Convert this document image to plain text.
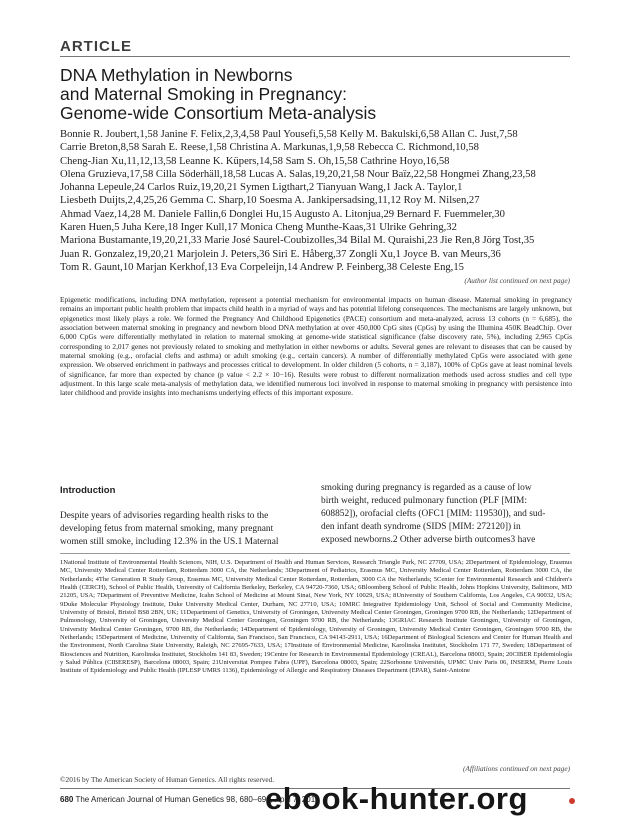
ARTICLE
DNA Methylation in Newborns
and Maternal Smoking in Pregnancy:
Genome-wide Consortium Meta-analysis
Bonnie R. Joubert,1,58 Janine F. Felix,2,3,4,58 Paul Yousefi,5,58 Kelly M. Bakulski,6,58 Allan C. Just,7,58
Carrie Breton,8,58 Sarah E. Reese,1,58 Christina A. Markunas,1,9,58 Rebecca C. Richmond,10,58
Cheng-Jian Xu,11,12,13,58 Leanne K. Küpers,14,58 Sam S. Oh,15,58 Cathrine Hoyo,16,58
Olena Gruzieva,17,58 Cilla Söderhäll,18,58 Lucas A. Salas,19,20,21,58 Nour Baïz,22,58 Hongmei Zhang,23,58
Johanna Lepeule,24 Carlos Ruiz,19,20,21 Symen Ligthart,2 Tianyuan Wang,1 Jack A. Taylor,1
Liesbeth Duijts,2,4,25,26 Gemma C. Sharp,10 Soesma A. Jankipersadsing,11,12 Roy M. Nilsen,27
Ahmad Vaez,14,28 M. Daniele Fallin,6 Donglei Hu,15 Augusto A. Litonjua,29 Bernard F. Fuemmeler,30
Karen Huen,5 Juha Kere,18 Inger Kull,17 Monica Cheng Munthe-Kaas,31 Ulrike Gehring,32
Mariona Bustamante,19,20,21,33 Marie José Saurel-Coubizolles,34 Bilal M. Quraishi,23 Jie Ren,8 Jörg Tost,35
Juan R. Gonzalez,19,20,21 Marjolein J. Peters,36 Siri E. Håberg,37 Zongli Xu,1 Joyce B. van Meurs,36
Tom R. Gaunt,10 Marjan Kerkhof,13 Eva Corpeleijn,14 Andrew P. Feinberg,38 Celeste Eng,15
(Author list continued on next page)
Epigenetic modifications, including DNA methylation, represent a potential mechanism for environmental impacts on human disease. Maternal smoking in pregnancy remains an important public health problem that impacts child health in a myriad of ways and has potential lifelong consequences. The mechanisms are largely unknown, but epigenetics most likely plays a role. We formed the Pregnancy And Childhood Epigenetics (PACE) consortium and meta-analyzed, across 13 cohorts (n = 6,685), the association between maternal smoking in pregnancy and newborn blood DNA methylation at over 450,000 CpG sites (CpGs) by using the Illumina 450K BeadChip. Over 6,000 CpGs were differentially methylated in relation to maternal smoking at genome-wide statistical significance (false discovery rate, 5%), including 2,965 CpGs corresponding to 2,017 genes not previously related to smoking and methylation in either newborns or adults. Several genes are relevant to diseases that can be caused by maternal smoking (e.g., orofacial clefts and asthma) or adult smoking (e.g., certain cancers). A number of differentially methylated CpGs were associated with gene expression. We observed enrichment in pathways and processes critical to development. In older children (5 cohorts, n = 3,187), 100% of CpGs gave at least nominal levels of significance, far more than expected by chance (p value < 2.2 × 10−16). Results were robust to different normalization methods used across studies and cell type adjustment. In this large scale meta-analysis of methylation data, we identified numerous loci involved in response to maternal smoking in pregnancy with persistence into later childhood and provide insights into mechanisms underlying effects of this important exposure.
Introduction
Despite years of advisories regarding health risks to the
developing fetus from maternal smoking, many pregnant
women still smoke, including 12.3% in the US.1 Maternal
smoking during pregnancy is regarded as a cause of low
birth weight, reduced pulmonary function (PLF [MIM:
608852]), orofacial clefts (OFC1 [MIM: 119530]), and sud-
den infant death syndrome (SIDS [MIM: 272120]) in
exposed newborns.2 Other adverse birth outcomes3 have
1National Institute of Environmental Health Sciences, NIH, U.S. Department of Health and Human Services, Research Triangle Park, NC 27709, USA; 2Department of Epidemiology, Erasmus MC, University Medical Center Rotterdam, Rotterdam 3000 CA, the Netherlands; 3Department of Pediatrics, Erasmus MC, University Medical Center Rotterdam, Rotterdam 3000 CA, the Netherlands; 4The Generation R Study Group, Erasmus MC, University Medical Center Rotterdam, Rotterdam, 3000 CA the Netherlands; 5Center for Environmental Research and Children's Health (CERCH), School of Public Health, University of California Berkeley, Berkeley, CA 94720-7360, USA; 6Bloomberg School of Public Health, Johns Hopkins University, Baltimore, MD 21205, USA; 7Department of Preventive Medicine, Icahn School of Medicine at Mount Sinai, New York, NY 10029, USA; 8University of Southern California, Los Angeles, CA 90032, USA; 9Duke Molecular Physiology Institute, Duke University Medical Center, Durham, NC 27710, USA; 10MRC Integrative Epidemiology Unit, School of Social and Community Medicine, University of Bristol, Bristol BS8 2BN, UK; 11Department of Genetics, University of Groningen, University Medical Center Groningen, Groningen 9700 RB, the Netherlands; 12Department of Pulmonology, University of Groningen, University Medical Center Groningen, Groningen 9700 RB, the Netherlands; 13GRIAC Research Institute Groningen, University of Groningen, University Medical Center Groningen, 9700 RB, the Netherlands; 14Department of Epidemiology, University of Groningen, University Medical Center Groningen, Groningen 9700 RB, the Netherlands; 15Department of Medicine, University of California, San Francisco, San Francisco, CA 94143-2911, USA; 16Department of Biological Sciences and Center for Human Health and the Environment, North Carolina State University, Raleigh, NC 27695-7633, USA; 17Institute of Environmental Medicine, Karolinska Institutet, Stockholm 171 77, Sweden; 18Department of Biosciences and Nutrition, Karolinska Institutet, Stockholm 141 83, Sweden; 19Centre for Research in Environmental Epidemiology (CREAL), Barcelona 08003, Spain; 20CIBER Epidemiología y Salud Pública (CIBERESP), Barcelona 08003, Spain; 21Universitat Pompeu Fabra (UPF), Barcelona 08003, Spain; 22Sorbonne Universités, UPMC Univ Paris 06, INSERM, Pierre Louis Institute of Epidemiology and Public Health (IPLESP UMRS 1136), Epidemiology of Allergic and Respiratory Diseases Department (EPAR), Saint-Antoine
(Affiliations continued on next page)
©2016 by The American Society of Human Genetics. All rights reserved.
680 The American Journal of Human Genetics 98, 680–696, April 7, 2016
ebook-hunter.org
